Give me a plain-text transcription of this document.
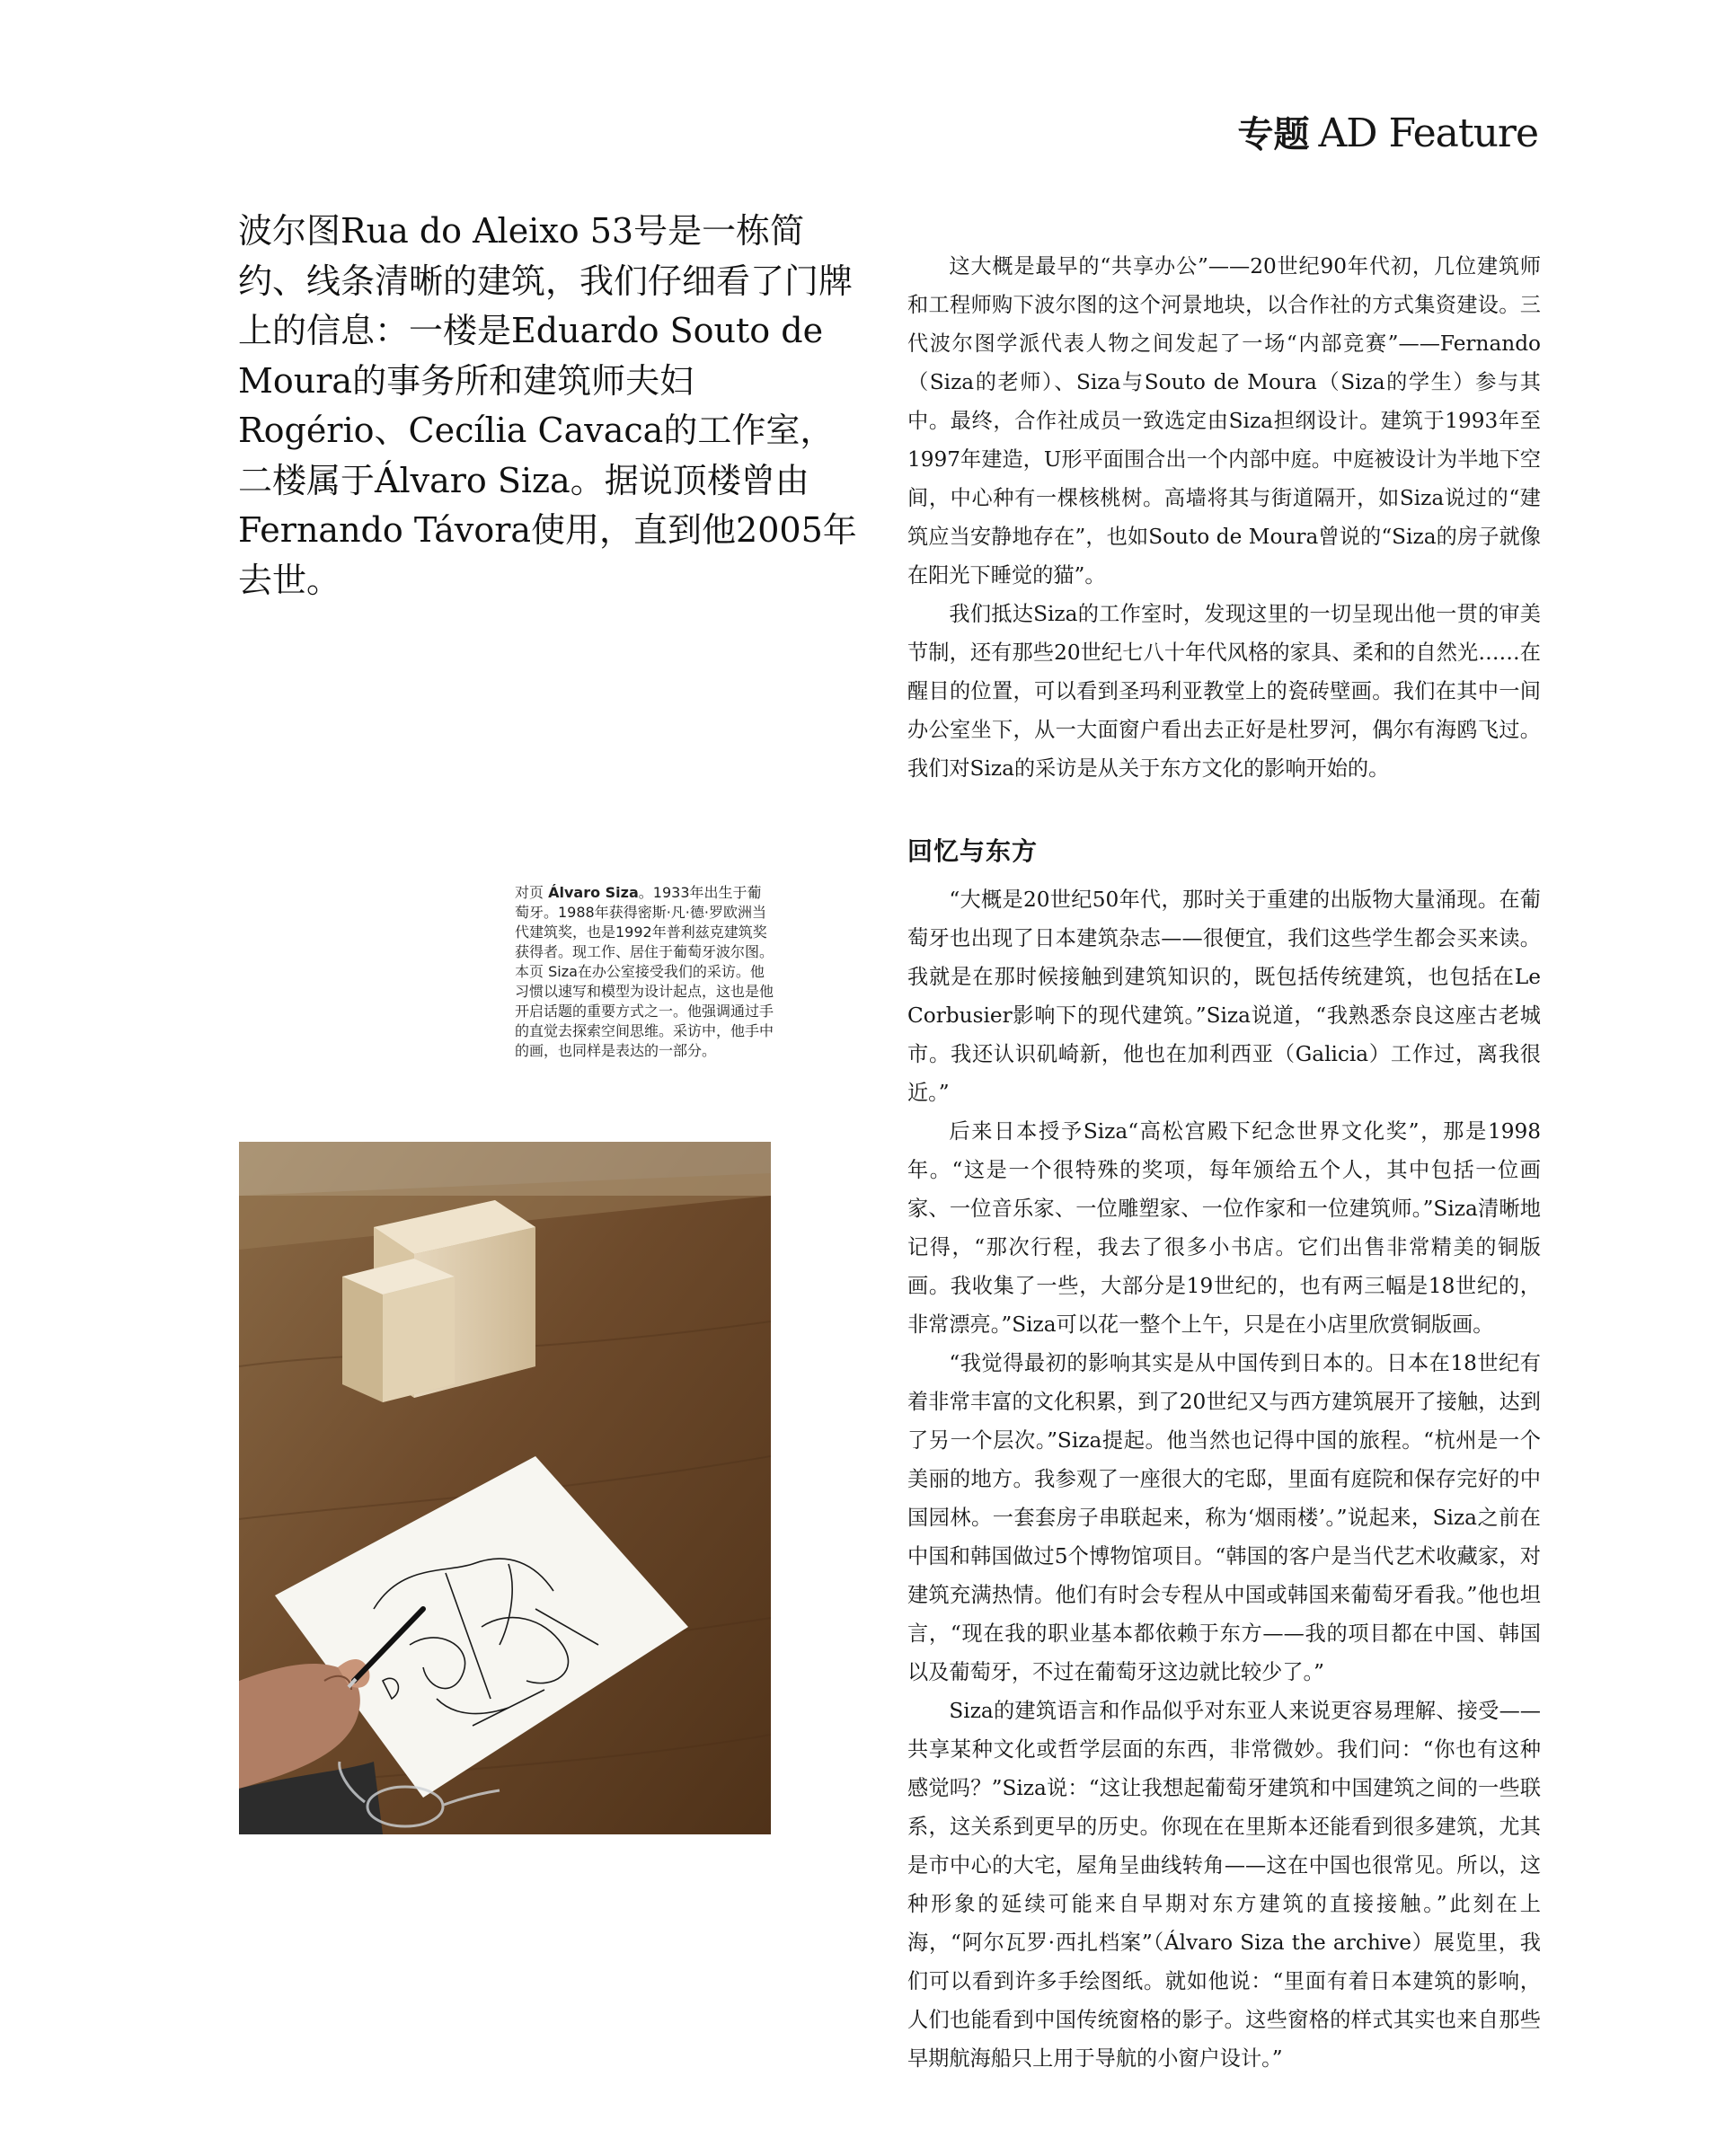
专题 AD Feature
波尔图Rua do Aleixo 53号是一栋简约、线条清晰的建筑，我们仔细看了门牌上的信息：一楼是Eduardo Souto de Moura的事务所和建筑师夫妇Rogério、Cecília Cavaca的工作室，二楼属于Álvaro Siza。据说顶楼曾由Fernando Távora使用，直到他2005年去世。

这大概是最早的“共享办公”——20世纪90年代初，几位建筑师和工程师购下波尔图的这个河景地块，以合作社的方式集资建设。三代波尔图学派代表人物之间发起了一场“内部竞赛”——Fernando（Siza的老师）、Siza与Souto de Moura（Siza的学生）参与其中。最终，合作社成员一致选定由Siza担纲设计。建筑于1993年至1997年建造，U形平面围合出一个内部中庭。中庭被设计为半地下空间，中心种有一棵核桃树。高墙将其与街道隔开，如Siza说过的“建筑应当安静地存在”，也如Souto de Moura曾说的“Siza的房子就像在阳光下睡觉的猫”。

我们抵达Siza的工作室时，发现这里的一切呈现出他一贯的审美节制，还有那些20世纪七八十年代风格的家具、柔和的自然光……在醒目的位置，可以看到圣玛利亚教堂上的瓷砖壁画。我们在其中一间办公室坐下，从一大面窗户看出去正好是杜罗河，偶尔有海鸥飞过。我们对Siza的采访是从关于东方文化的影响开始的。

回忆与东方

“大概是20世纪50年代，那时关于重建的出版物大量涌现。在葡萄牙也出现了日本建筑杂志——很便宜，我们这些学生都会买来读。我就是在那时候接触到建筑知识的，既包括传统建筑，也包括在Le Corbusier影响下的现代建筑。”Siza说道，“我熟悉奈良这座古老城市。我还认识矶崎新，他也在加利西亚（Galicia）工作过，离我很近。”

后来日本授予Siza“高松宫殿下纪念世界文化奖”，那是1998年。“这是一个很特殊的奖项，每年颁给五个人，其中包括一位画家、一位音乐家、一位雕塑家、一位作家和一位建筑师。”Siza清晰地记得，“那次行程，我去了很多小书店。它们出售非常精美的铜版画。我收集了一些，大部分是19世纪的，也有两三幅是18世纪的，非常漂亮。”Siza可以花一整个上午，只是在小店里欣赏铜版画。

“我觉得最初的影响其实是从中国传到日本的。日本在18世纪有着非常丰富的文化积累，到了20世纪又与西方建筑展开了接触，达到了另一个层次。”Siza提起。他当然也记得中国的旅程。“杭州是一个美丽的地方。我参观了一座很大的宅邸，里面有庭院和保存完好的中国园林。一套套房子串联起来，称为‘烟雨楼’。”说起来，Siza之前在中国和韩国做过5个博物馆项目。“韩国的客户是当代艺术收藏家，对建筑充满热情。他们有时会专程从中国或韩国来葡萄牙看我。”他也坦言，“现在我的职业基本都依赖于东方——我的项目都在中国、韩国以及葡萄牙，不过在葡萄牙这边就比较少了。”

Siza的建筑语言和作品似乎对东亚人来说更容易理解、接受——共享某种文化或哲学层面的东西，非常微妙。我们问：“你也有这种感觉吗？”Siza说：“这让我想起葡萄牙建筑和中国建筑之间的一些联系，这关系到更早的历史。你现在在里斯本还能看到很多建筑，尤其是市中心的大宅，屋角呈曲线转角——这在中国也很常见。所以，这种形象的延续可能来自早期对东方建筑的直接接触。”此刻在上海，“阿尔瓦罗·西扎档案”（Álvaro Siza the archive）展览里，我们可以看到许多手绘图纸。就如他说：“里面有着日本建筑的影响，人们也能看到中国传统窗格的影子。这些窗格的样式其实也来自那些早期航海船只上用于导航的小窗户设计。”

对页 Álvaro Siza。1933年出生于葡萄牙。1988年获得密斯·凡·德·罗欧洲当代建筑奖，也是1992年普利兹克建筑奖获得者。现工作、居住于葡萄牙波尔图。

本页 Siza在办公室接受我们的采访。他习惯以速写和模型为设计起点，这也是他开启话题的重要方式之一。他强调通过手的直觉去探索空间思维。采访中，他手中的画，也同样是表达的一部分。
